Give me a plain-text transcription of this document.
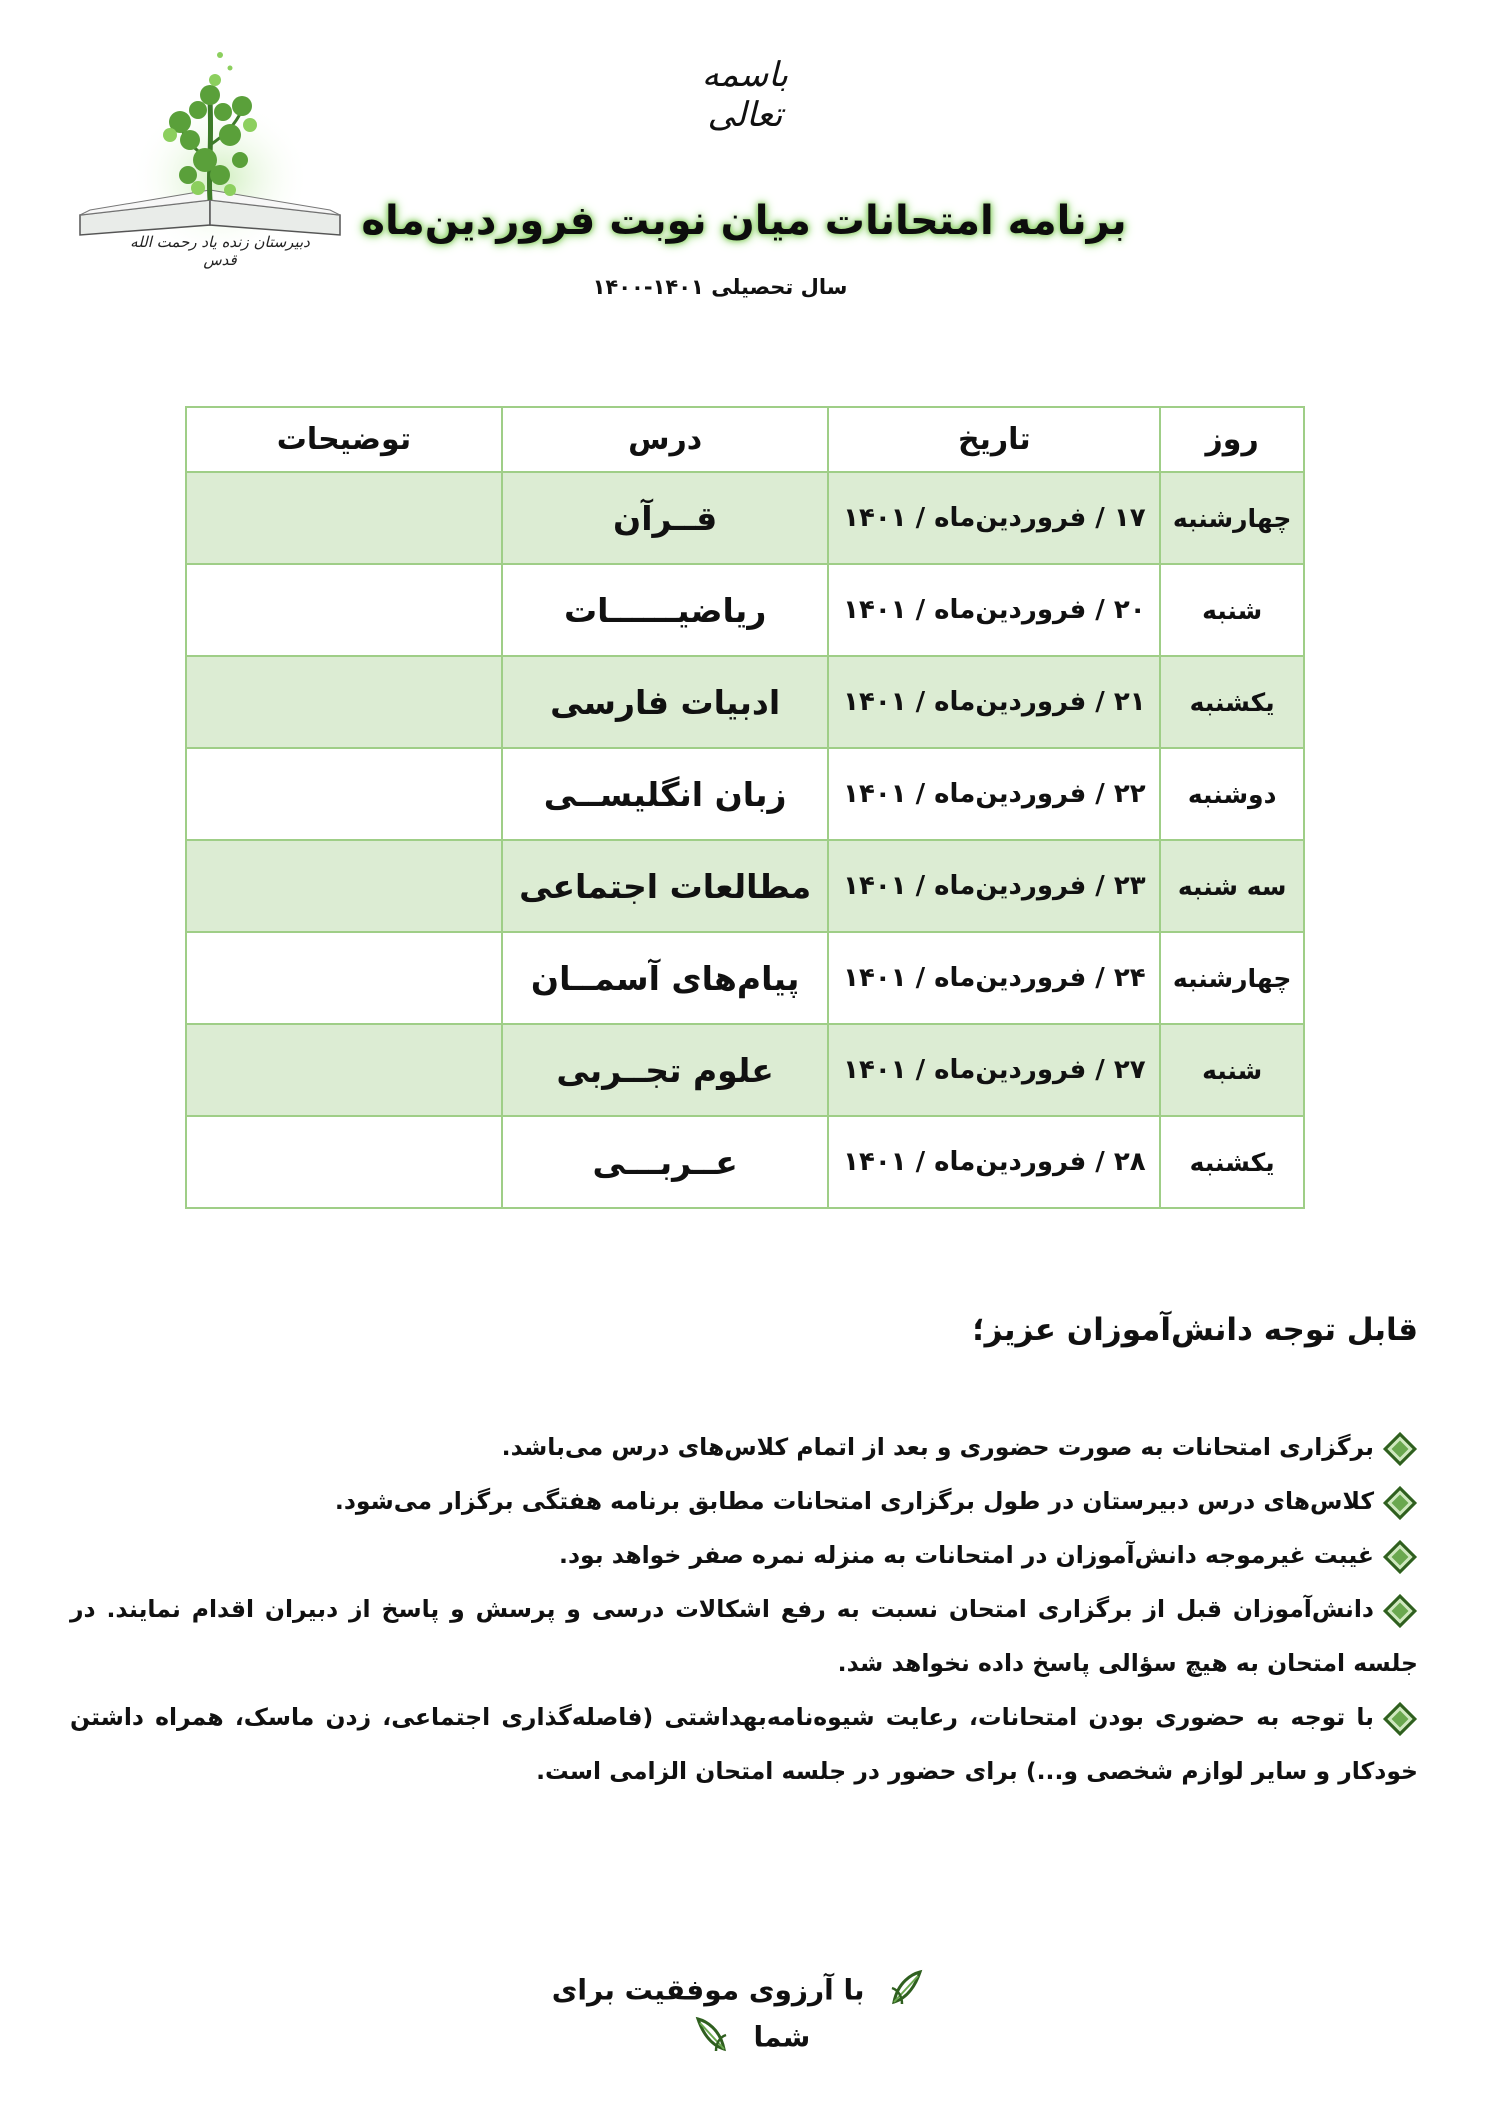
دبیرستان زنده یاد رحمت الله قدس
باسمه تعالی
برنامه امتحانات میان نوبت فروردین‌ماه
سال تحصیلی ۱۴۰۱-۱۴۰۰
روز	تاریخ	درس	توضیحات
چهارشنبه	۱۷ / فروردین‌ماه / ۱۴۰۱	قــرآن	
شنبه	۲۰ / فروردین‌ماه / ۱۴۰۱	ریاضیــــــات	
یکشنبه	۲۱ / فروردین‌ماه / ۱۴۰۱	ادبیات فارسی	
دوشنبه	۲۲ / فروردین‌ماه / ۱۴۰۱	زبان انگلیســی	
سه شنبه	۲۳ / فروردین‌ماه / ۱۴۰۱	مطالعات اجتماعی	
چهارشنبه	۲۴ / فروردین‌ماه / ۱۴۰۱	پیام‌های آسمــان	
شنبه	۲۷ / فروردین‌ماه / ۱۴۰۱	علوم تجــربی	
یکشنبه	۲۸ / فروردین‌ماه / ۱۴۰۱	عــربـــی	
قابل توجه دانش‌آموزان عزیز؛
برگزاری امتحانات به صورت حضوری و بعد از اتمام کلاس‌های درس می‌باشد.
کلاس‌های درس دبیرستان در طول برگزاری امتحانات مطابق برنامه هفتگی برگزار می‌شود.
غیبت غیرموجه دانش‌آموزان در امتحانات به منزله نمره صفر خواهد بود.
دانش‌آموزان قبل از برگزاری امتحان نسبت به رفع اشکالات درسی و پرسش و پاسخ از دبیران اقدام نمایند. در جلسه امتحان به هیچ سؤالی پاسخ داده نخواهد شد.
با توجه به حضوری بودن امتحانات، رعایت شیوه‌نامه‌بهداشتی (فاصله‌گذاری اجتماعی، زدن ماسک، همراه داشتن خودکار و سایر لوازم شخصی و...) برای حضور در جلسه امتحان الزامی است.
با آرزوی موفقیت برای شما
